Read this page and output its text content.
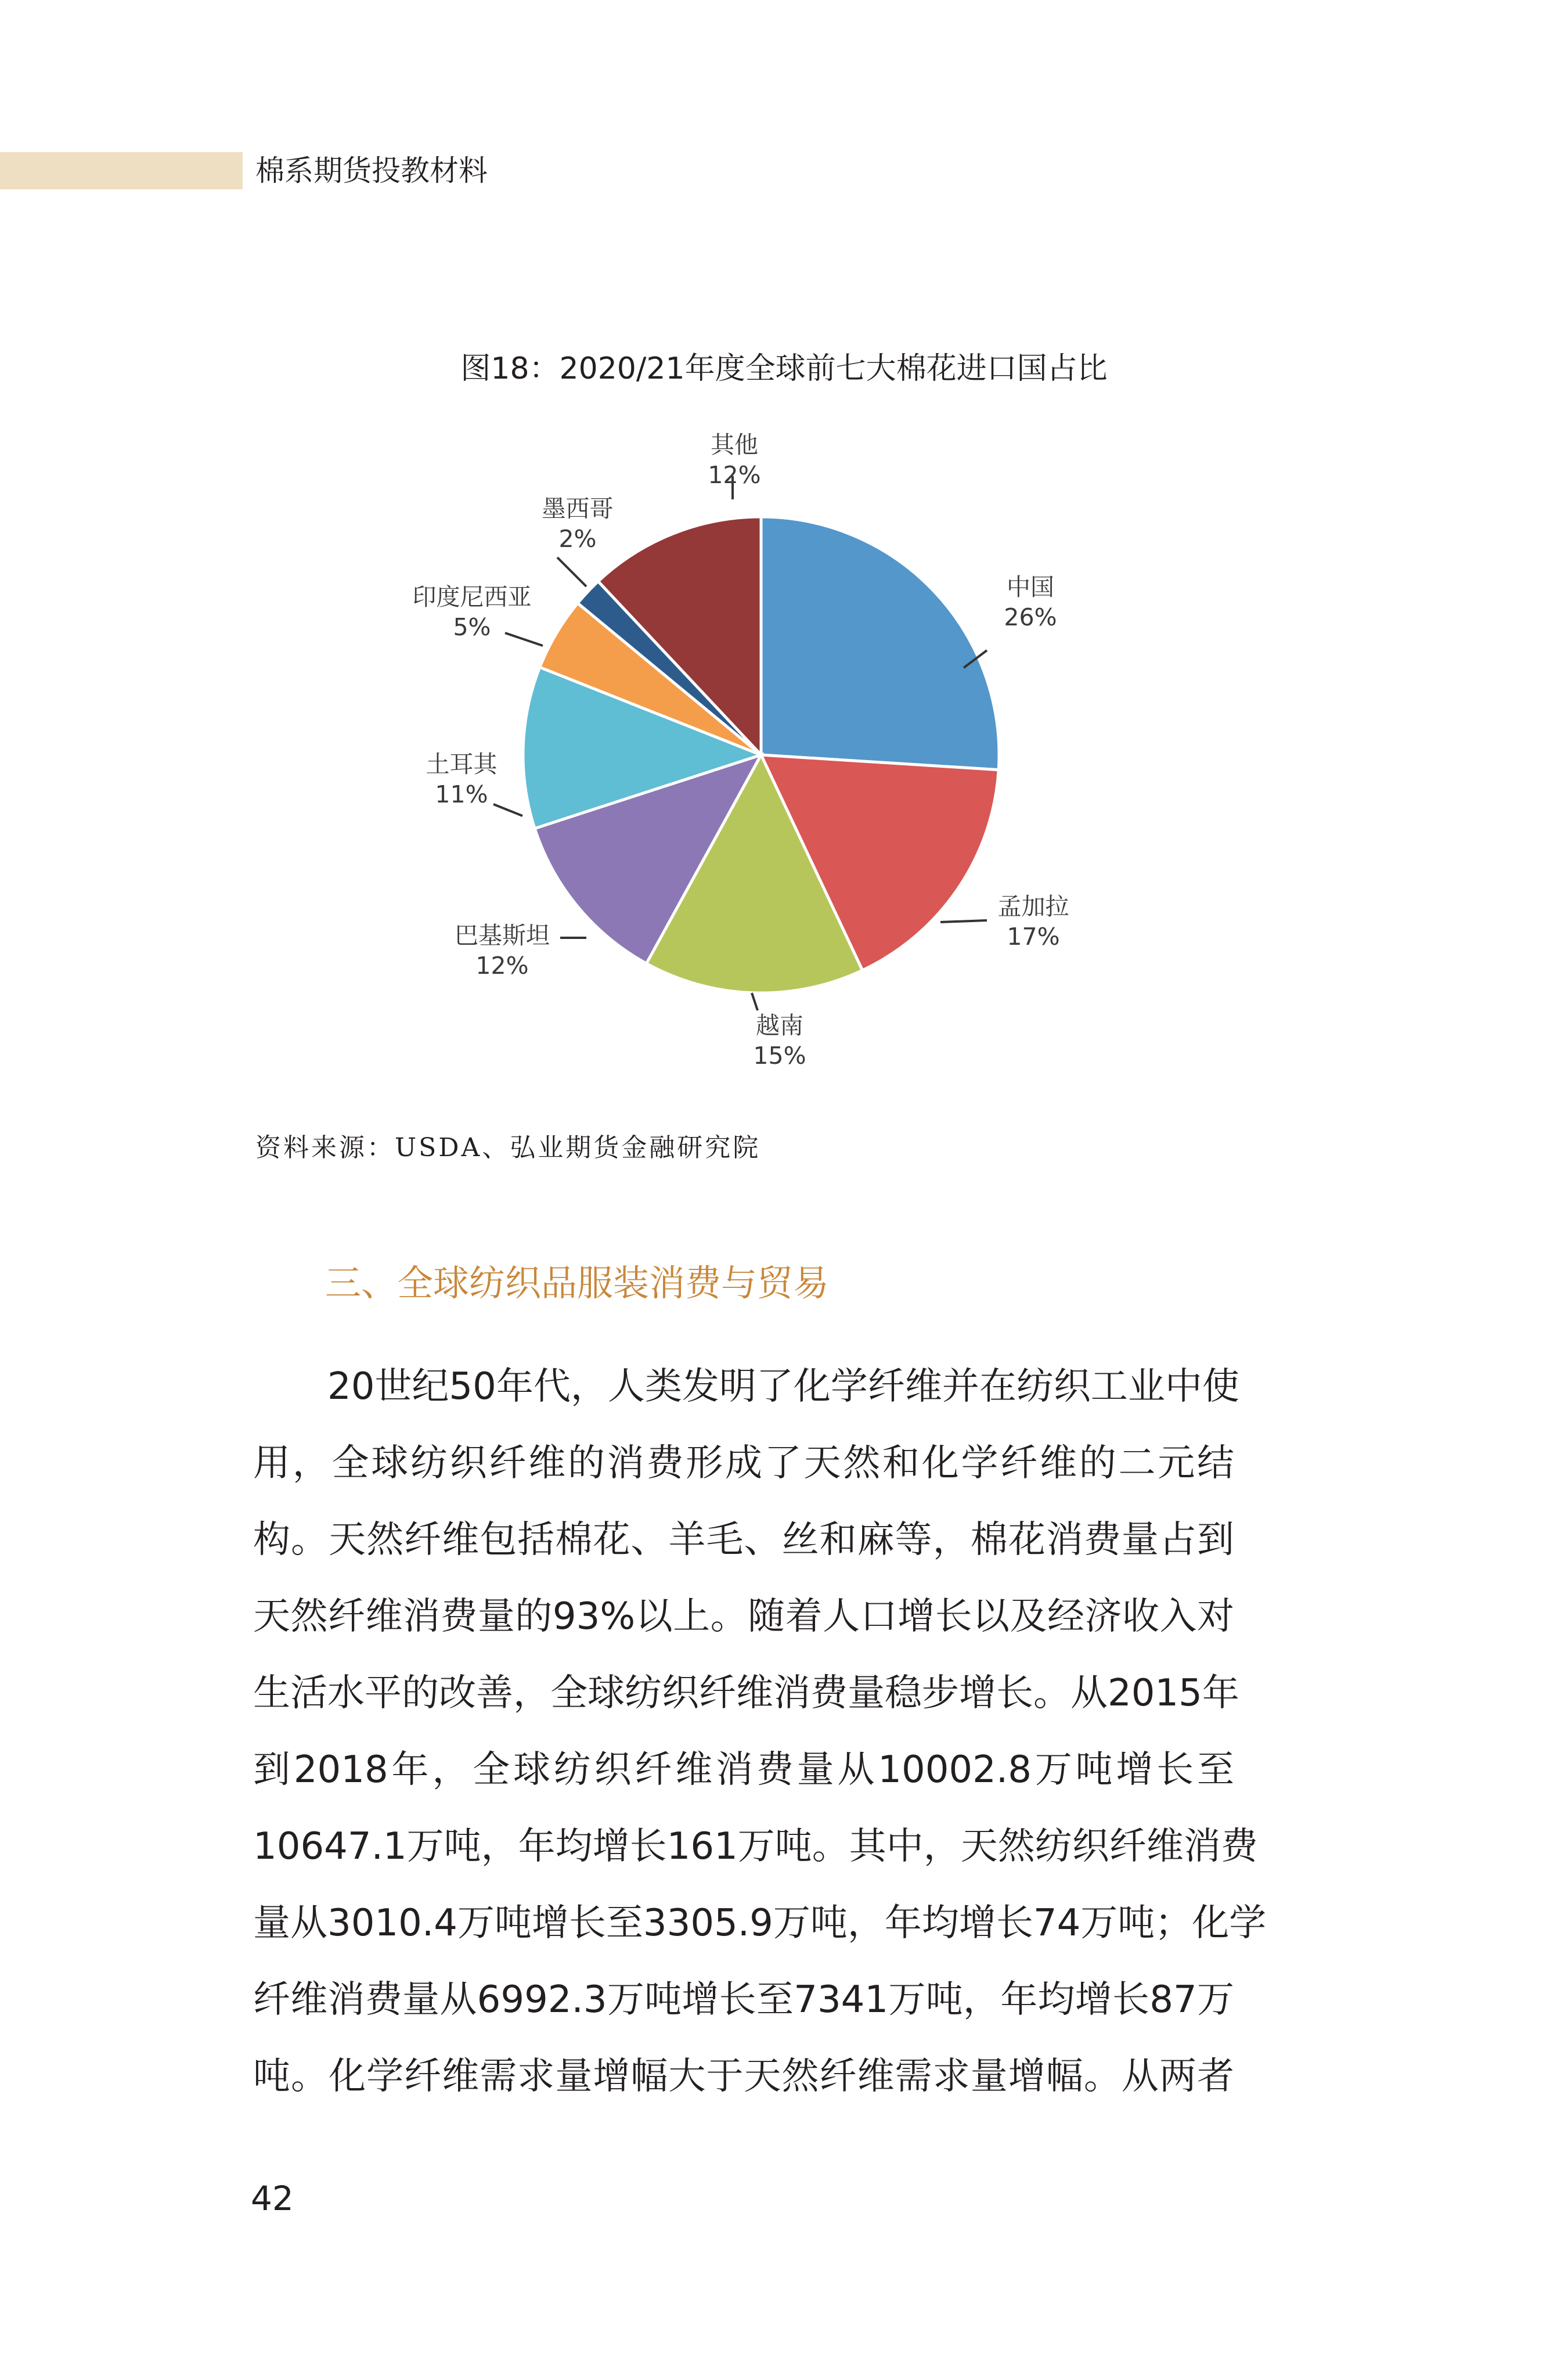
棉系期货投教材料
图18：2020/21年度全球前七大棉花进口国占比
中国
26%
孟加拉
17%
越南
15%
巴基斯坦
12%
土耳其
11%
印度尼西亚
5%
墨西哥
2%
其他
12%
资料来源：USDA、弘业期货金融研究院
三、全球纺织品服装消费与贸易
20世纪50年代，人类发明了化学纤维并在纺织工业中使
用，全球纺织纤维的消费形成了天然和化学纤维的二元结
构。天然纤维包括棉花、羊毛、丝和麻等，棉花消费量占到
天然纤维消费量的93%以上。随着人口增长以及经济收入对
生活水平的改善，全球纺织纤维消费量稳步增长。从2015年
到2018年，全球纺织纤维消费量从10002.8万吨增长至
10647.1万吨，年均增长161万吨。其中，天然纺织纤维消费
量从3010.4万吨增长至3305.9万吨，年均增长74万吨；化学
纤维消费量从6992.3万吨增长至7341万吨，年均增长87万
吨。化学纤维需求量增幅大于天然纤维需求量增幅。从两者
42
